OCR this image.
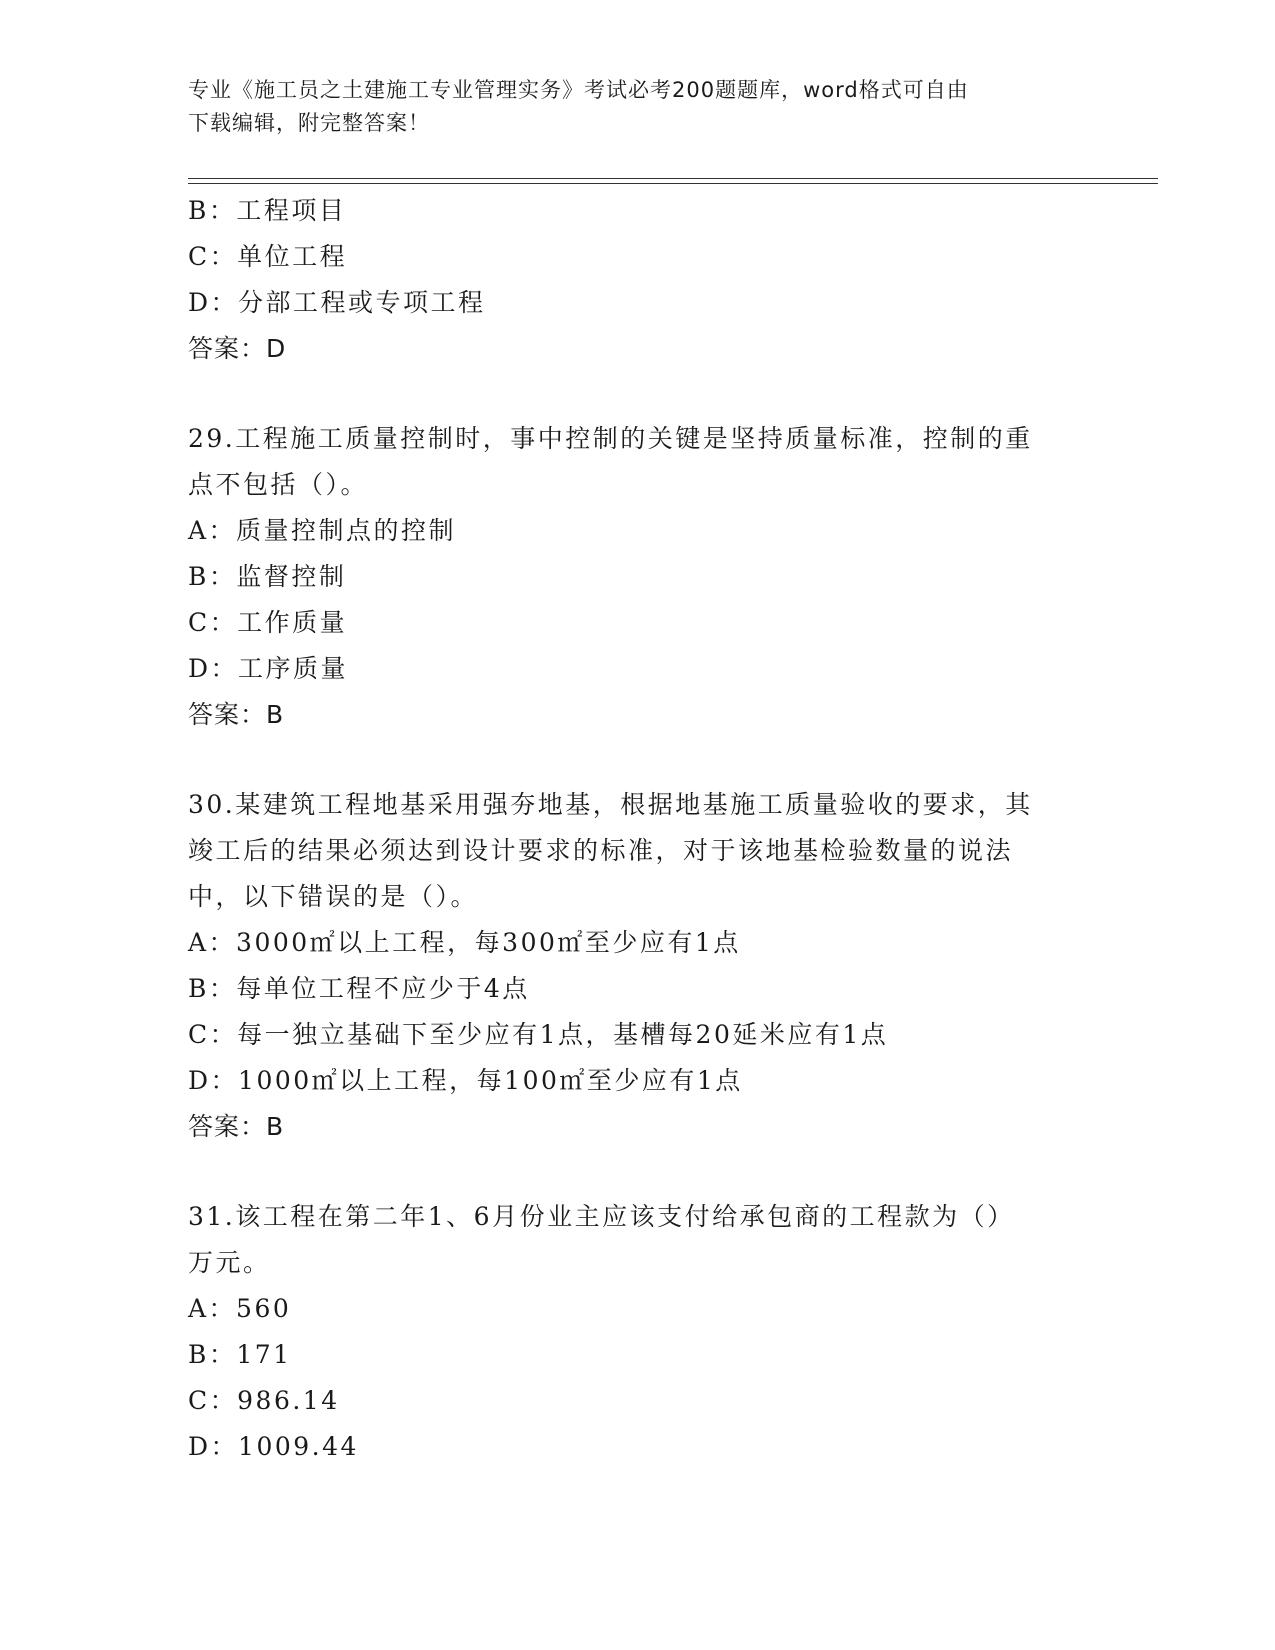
专业《施工员之土建施工专业管理实务》考试必考200题题库，word格式可自由
下载编辑，附完整答案！
B：工程项目
C：单位工程
D：分部工程或专项工程
答案：D
29.工程施工质量控制时，事中控制的关键是坚持质量标准，控制的重
点不包括（）。
A：质量控制点的控制
B：监督控制
C：工作质量
D：工序质量
答案：B
30.某建筑工程地基采用强夯地基，根据地基施工质量验收的要求，其
竣工后的结果必须达到设计要求的标准，对于该地基检验数量的说法
中，以下错误的是（）。
A：3000㎡以上工程，每300㎡至少应有1点
B：每单位工程不应少于4点
C：每一独立基础下至少应有1点，基槽每20延米应有1点
D：1000㎡以上工程，每100㎡至少应有1点
答案：B
31.该工程在第二年1、6月份业主应该支付给承包商的工程款为（）
万元。
A：560
B：171
C：986.14
D：1009.44
